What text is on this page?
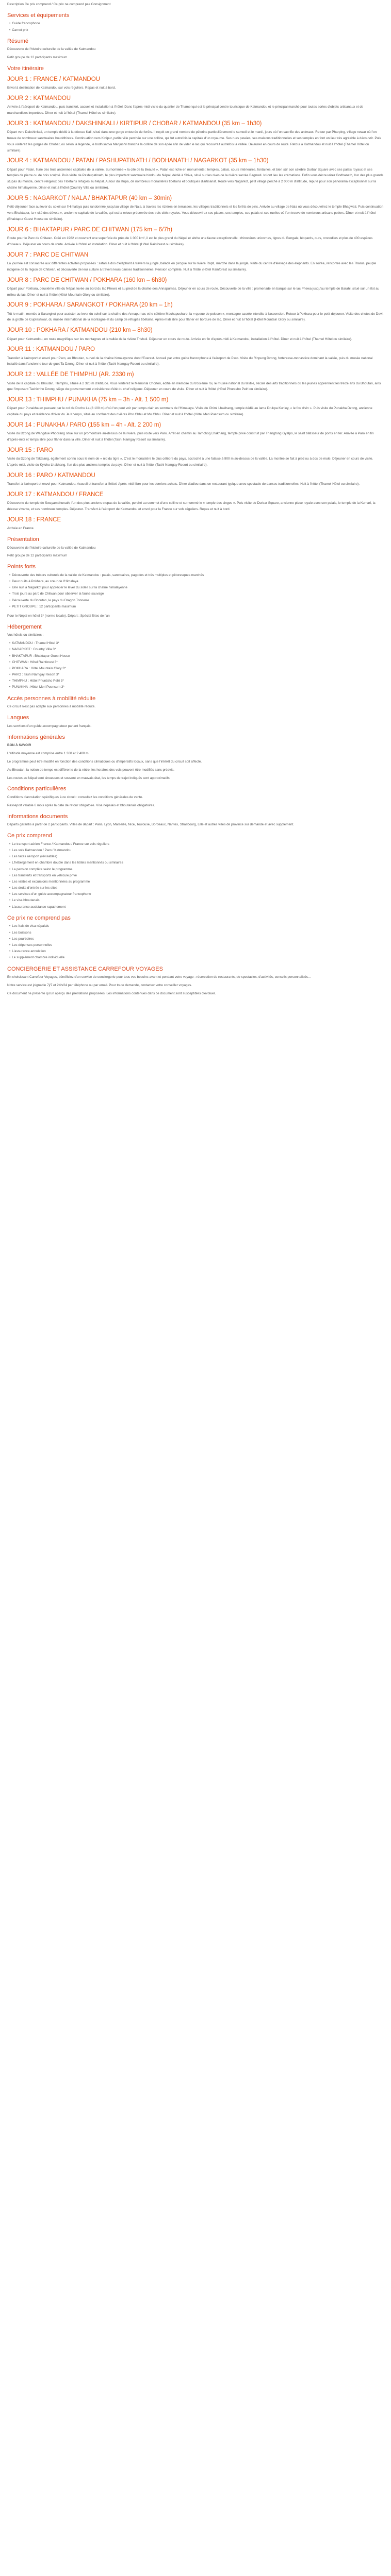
Description Ce prix comprend / Ce prix ne comprend pas Consignment

Services et équipements
• Guide francophone
• Carnet prix
Résumé

Découverte de l'histoire culturelle de la vallée de Katmandou

Petit groupe de 12 participants maximum

Votre itinéraire
JOUR 1 : FRANCE / KATMANDOU

Envol à destination de Katmandou sur vols réguliers. Repas et nuit à bord.

JOUR 2 : KATMANDOU

Arrivée à l'aéroport de Katmandou, puis transfert, accueil et installation à l'hôtel. Dans l'après-midi visite du quartier de Thamel qui est le principal centre touristique de Katmandou et le principal marché pour toutes sortes d'objets artisanaux et de marchandises importées. Dîner et nuit à l'hôtel (Thamel Hôtel ou similaire).

JOUR 3 : KATMANDOU / DAKSHINKALI / KIRTIPUR / CHOBAR / KATMANDOU (35 km – 1h30)

Départ vers Dakshinkali, un temple dédié à la déesse Kali, situé dans une gorge entourée de forêts. Il reçoit un grand nombre de pèlerins particulièrement le samedi et le mardi, jours où l'on sacrifie des animaux. Retour par Pharping, village newar où l'on trouve de nombreux sanctuaires bouddhistes. Continuation vers Kirtipur, petite ville perchée sur une colline, qui fut autrefois la capitale d'un royaume. Ses rues pavées, ses maisons traditionnelles et ses temples en font un lieu très agréable à découvrir. Puis vous visiterez les gorges de Chobar, où selon la légende, le bodhisattva Manjushri trancha la colline de son épée afin de vider le lac qui recouvrait autrefois la vallée. Déjeuner en cours de route. Retour à Katmandou et nuit à l'hôtel (Thamel Hôtel ou similaire).

JOUR 4 : KATMANDOU / PATAN / PASHUPATINATH / BODHANATH / NAGARKOT (35 km – 1h30)

Départ pour Patan, l'une des trois anciennes capitales de la vallée. Surnommée « la cité de la Beauté », Patan est riche en monuments : temples, palais, cours intérieures, fontaines, et bien sûr son célèbre Durbar Square avec ses palais royaux et ses temples de pierre ou de bois sculpté. Puis visite de Pashupatinath, le plus important sanctuaire hindou du Népal, dédié à Shiva, situé sur les rives de la rivière sacrée Bagmati. Ici ont lieu les crémations. Enfin vous découvrirez Bodhanath, l'un des plus grands stupas du monde, centre religieux des Tibétains réfugiés au Népal. Autour du stupa, de nombreux monastères tibétains et boutiques d'artisanat. Route vers Nagarkot, petit village perché à 2 000 m d'altitude, réputé pour son panorama exceptionnel sur la chaîne himalayenne. Dîner et nuit à l'hôtel (Country Villa ou similaire).

JOUR 5 : NAGARKOT / NALA / BHAKTAPUR (40 km – 30min)

Petit-déjeuner face au lever du soleil sur l'Himalaya puis randonnée jusqu'au village de Nala, à travers les rizières en terrasses, les villages traditionnels et les forêts de pins. Arrivée au village de Nala où vous découvrirez le temple Bhagwati. Puis continuation vers Bhaktapur, la « cité des dévots », ancienne capitale de la vallée, qui est la mieux préservée des trois cités royales. Vous découvrirez ses places, ses temples, ses palais et ses ruelles où l'on trouve de nombreux artisans potiers. Dîner et nuit à l'hôtel (Bhaktapur Guest House ou similaire).

JOUR 6 : BHAKTAPUR / PARC DE CHITWAN (175 km – 6/7h)

Route pour le Parc de Chitwan. Créé en 1962 et couvrant une superficie de près de 1 000 km², il est le plus grand du Népal et abrite une faune exceptionnelle : rhinocéros unicornes, tigres du Bengale, léopards, ours, crocodiles et plus de 400 espèces d'oiseaux. Déjeuner en cours de route. Arrivée à l'hôtel et installation. Dîner et nuit à l'hôtel (Hôtel Rainforest ou similaire).

JOUR 7 : PARC DE CHITWAN

La journée est consacrée aux différentes activités proposées : safari à dos d'éléphant à travers la jungle, balade en pirogue sur la rivière Rapti, marche dans la jungle, visite du centre d'élevage des éléphants. En soirée, rencontre avec les Tharus, peuple indigène de la région de Chitwan, et découverte de leur culture à travers leurs danses traditionnelles. Pension complète. Nuit à l'hôtel (Hôtel Rainforest ou similaire).

JOUR 8 : PARC DE CHITWAN / POKHARA (160 km – 6h30)

Départ pour Pokhara, deuxième ville du Népal, lovée au bord du lac Phewa et au pied de la chaîne des Annapurnas. Déjeuner en cours de route. Découverte de la ville : promenade en barque sur le lac Phewa jusqu'au temple de Barahi, situé sur un îlot au milieu du lac. Dîner et nuit à l'hôtel (Hôtel Mountain Glory ou similaire).

JOUR 9 : POKHARA / SARANGKOT / POKHARA (20 km – 1h)

Tôt le matin, montée à Sarangkot pour assister au lever du soleil sur la chaîne des Annapurnas et le célèbre Machapuchare, la « queue de poisson », montagne sacrée interdite à l'ascension. Retour à Pokhara pour le petit-déjeuner. Visite des chutes de Devi, de la grotte de Gupteshwar, du musée international de la montagne et du camp de réfugiés tibétains. Après-midi libre pour flâner en bordure de lac. Dîner et nuit à l'hôtel (Hôtel Mountain Glory ou similaire).

JOUR 10 : POKHARA / KATMANDOU (210 km – 8h30)

Départ pour Katmandou, en route magnifique sur les montagnes et la vallée de la rivière Trishuli. Déjeuner en cours de route. Arrivée en fin d'après-midi à Katmandou, installation à l'hôtel. Dîner et nuit à l'hôtel (Thamel Hôtel ou similaire).

JOUR 11 : KATMANDOU / PARO

Transfert à l'aéroport et envol pour Paro, au Bhoutan, survol de la chaîne himalayenne dont l'Everest. Accueil par votre guide francophone à l'aéroport de Paro. Visite du Rinpung Dzong, forteresse-monastère dominant la vallée, puis du musée national installé dans l'ancienne tour de guet Ta Dzong. Dîner et nuit à l'hôtel (Tashi Namgay Resort ou similaire).

JOUR 12 : VALLÉE DE THIMPHU (AR. 2330 m)

Visite de la capitale du Bhoutan, Thimphu, située à 2 320 m d'altitude. Vous visiterez le Memorial Chorten, édifié en mémoire du troisième roi, le musée national du textile, l'école des arts traditionnels où les jeunes apprennent les treize arts du Bhoutan, ainsi que l'imposant Tashichho Dzong, siège du gouvernement et résidence d'été du chef religieux. Déjeuner en cours de visite. Dîner et nuit à l'hôtel (Hôtel Phuntsho Pelri ou similaire).

JOUR 13 : THIMPHU / PUNAKHA (75 km – 3h - Alt. 1 500 m)

Départ pour Punakha en passant par le col de Dochu La (3 100 m) d'où l'on peut voir par temps clair les sommets de l'Himalaya. Visite du Chimi Lhakhang, temple dédié au lama Drukpa Kunley, « le fou divin ». Puis visite du Punakha Dzong, ancienne capitale du pays et résidence d'hiver du Je Khenpo, situé au confluent des rivières Pho Chhu et Mo Chhu. Dîner et nuit à l'hôtel (Hôtel Meri Puensum ou similaire).

JOUR 14 : PUNAKHA / PARO (155 km – 4h - Alt. 2 200 m)

Visite du Dzong de Wangdue Phodrang situé sur un promontoire au-dessus de la rivière, puis route vers Paro. Arrêt en chemin au Tamchog Lhakhang, temple privé construit par Thangtong Gyalpo, le saint bâtisseur de ponts en fer. Arrivée à Paro en fin d'après-midi et temps libre pour flâner dans la ville. Dîner et nuit à l'hôtel (Tashi Namgay Resort ou similaire).

JOUR 15 : PARO

Visite du Dzong de Taktsang, également connu sous le nom de « nid du tigre ». C'est le monastère le plus célèbre du pays, accroché à une falaise à 900 m au-dessus de la vallée. La montée se fait à pied ou à dos de mule. Déjeuner en cours de visite. L'après-midi, visite du Kyichu Lhakhang, l'un des plus anciens temples du pays. Dîner et nuit à l'hôtel (Tashi Namgay Resort ou similaire).

JOUR 16 : PARO / KATMANDOU

Transfert à l'aéroport et envol pour Katmandou. Accueil et transfert à l'hôtel. Après-midi libre pour les derniers achats. Dîner d'adieu dans un restaurant typique avec spectacle de danses traditionnelles. Nuit à l'hôtel (Thamel Hôtel ou similaire).

JOUR 17 : KATMANDOU / FRANCE

Découverte du temple de Swayambhunath, l'un des plus anciens stupas de la vallée, perché au sommet d'une colline et surnommé le « temple des singes ». Puis visite de Durbar Square, ancienne place royale avec son palais, le temple de la Kumari, la déesse vivante, et ses nombreux temples. Déjeuner. Transfert à l'aéroport de Katmandou et envol pour la France sur vols réguliers. Repas et nuit à bord.

JOUR 18 : FRANCE

Arrivée en France.

Présentation

Découverte de l'histoire culturelle de la vallée de Katmandou

Petit groupe de 12 participants maximum

Points forts
• Découverte des trésors culturels de la vallée de Katmandou : palais, sanctuaires, pagodes et très multiples et pittoresques marchés
• Deux nuits à Pokhara, au cœur de l'Himalaya
• Une nuit à Nagarkot pour apprécier le lever du soleil sur la chaîne himalayenne
• Trois jours au parc de Chitwan pour observer la faune sauvage
• Découverte du Bhoutan, le pays du Dragon Tonnerre
• PETIT GROUPE : 12 participants maximum

Pour le Népal en hôtel 3* (norme locale). Départ : Spécial fêtes de l'an

Hébergement

Vos hôtels ou similaires :

• KATMANDOU : Thamel Hôtel 3*
• NAGARKOT : Country Villa 3*
• BHAKTAPUR : Bhaktapur Guest House
• CHITWAN : Hôtel Rainforest 3*
• POKHARA : Hôtel Mountain Glory 3*
• PARO : Tashi Namgay Resort 3*
• THIMPHU : Hôtel Phuntsho Pelri 3*
• PUNAKHA : Hôtel Meri Puensum 3*
Accès personnes à mobilité réduite

Ce circuit n'est pas adapté aux personnes à mobilité réduite.

Langues

Les services d'un guide accompagnateur parlant français.

Informations générales

BON À SAVOIR

L'altitude moyenne est comprise entre 1 300 et 2 400 m.

Le programme peut être modifié en fonction des conditions climatiques ou d'impératifs locaux, sans que l'intérêt du circuit soit affecté.

Au Bhoutan, la notion de temps est différente de la nôtre, les horaires des vols peuvent être modifiés sans préavis.

Les routes au Népal sont sinueuses et souvent en mauvais état, les temps de trajet indiqués sont approximatifs.

Conditions particulières

Conditions d'annulation spécifiques à ce circuit : consultez les conditions générales de vente.

Passeport valable 6 mois après la date de retour obligatoire. Visa népalais et bhoutanais obligatoires.

Informations documents

Départs garantis à partir de 2 participants. Villes de départ : Paris, Lyon, Marseille, Nice, Toulouse, Bordeaux, Nantes, Strasbourg, Lille et autres villes de province sur demande et avec supplément.

Ce prix comprend
• Le transport aérien France / Katmandou / France sur vols réguliers
• Les vols Katmandou / Paro / Katmandou
• Les taxes aéroport (révisables)
• L'hébergement en chambre double dans les hôtels mentionnés ou similaires
• La pension complète selon le programme
• Les transferts et transports en véhicule privé
• Les visites et excursions mentionnées au programme
• Les droits d'entrée sur les sites
• Les services d'un guide accompagnateur francophone
• Le visa bhoutanais
• L'assurance assistance rapatriement
Ce prix ne comprend pas
• Les frais de visa népalais
• Les boissons
• Les pourboires
• Les dépenses personnelles
• L'assurance annulation
• Le supplément chambre individuelle
CONCIERGERIE ET ASSISTANCE CARREFOUR VOYAGES

En choisissant Carrefour Voyages, bénéficiez d'un service de conciergerie pour tous vos besoins avant et pendant votre voyage : réservation de restaurants, de spectacles, d'activités, conseils personnalisés…

Notre service est joignable 7j/7 et 24h/24 par téléphone ou par email. Pour toute demande, contactez votre conseiller voyages.

Ce document ne présente qu'un aperçu des prestations proposées. Les informations contenues dans ce document sont susceptibles d'évoluer.
